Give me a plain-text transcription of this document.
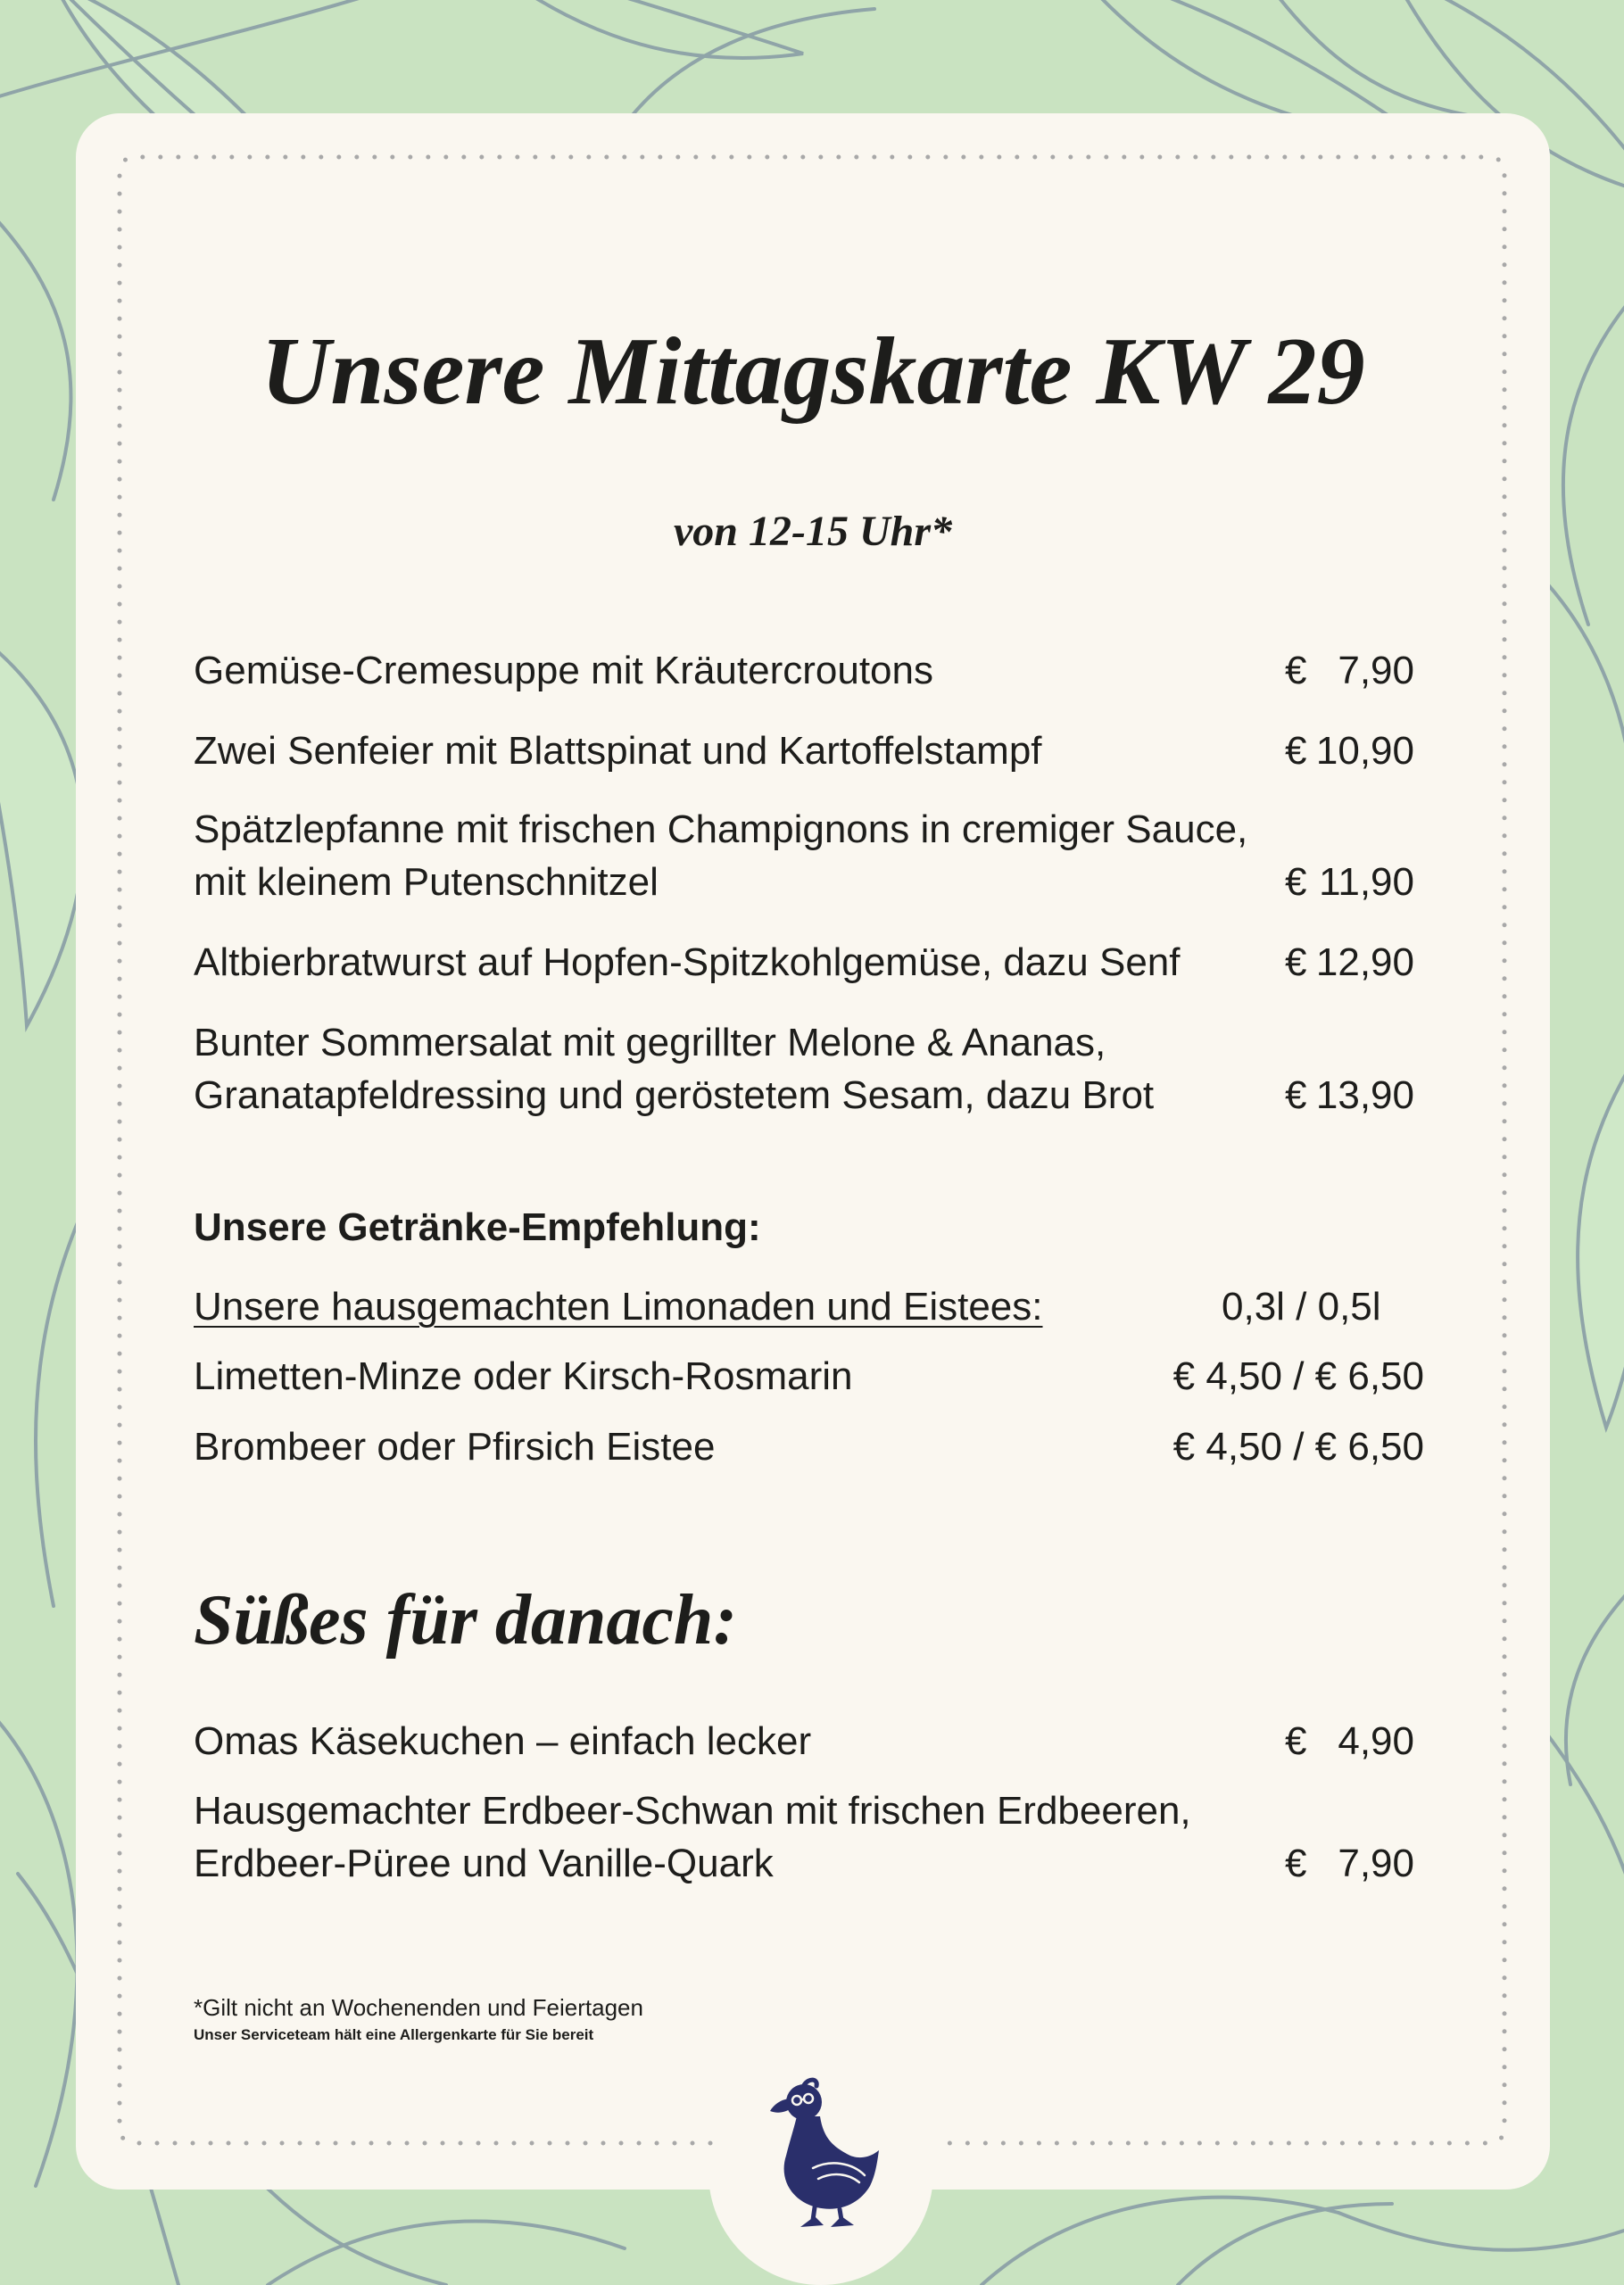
Unsere Mittagskarte KW 29
von 12-15 Uhr*
Gemüse-Cremesuppe mit Kräutercroutons	€ 7,90
Zwei Senfeier mit Blattspinat und Kartoffelstampf	€ 10,90
Spätzlepfanne mit frischen Champignons in cremiger Sauce,
mit kleinem Putenschnitzel	€ 11,90
Altbierbratwurst auf Hopfen-Spitzkohlgemüse, dazu Senf	€ 12,90
Bunter Sommersalat mit gegrillter Melone & Ananas,
Granatapfeldressing und geröstetem Sesam, dazu Brot	€ 13,90
Unsere Getränke-Empfehlung:
Unsere hausgemachten Limonaden und Eistees:	0,3l / 0,5l
Limetten-Minze oder Kirsch-Rosmarin	€ 4,50 / € 6,50
Brombeer oder Pfirsich Eistee	€ 4,50 / € 6,50
Süßes für danach:
Omas Käsekuchen – einfach lecker	€ 4,90
Hausgemachter Erdbeer-Schwan mit frischen Erdbeeren,
Erdbeer-Püree und Vanille-Quark	€ 7,90
*Gilt nicht an Wochenenden und Feiertagen
Unser Serviceteam hält eine Allergenkarte für Sie bereit
